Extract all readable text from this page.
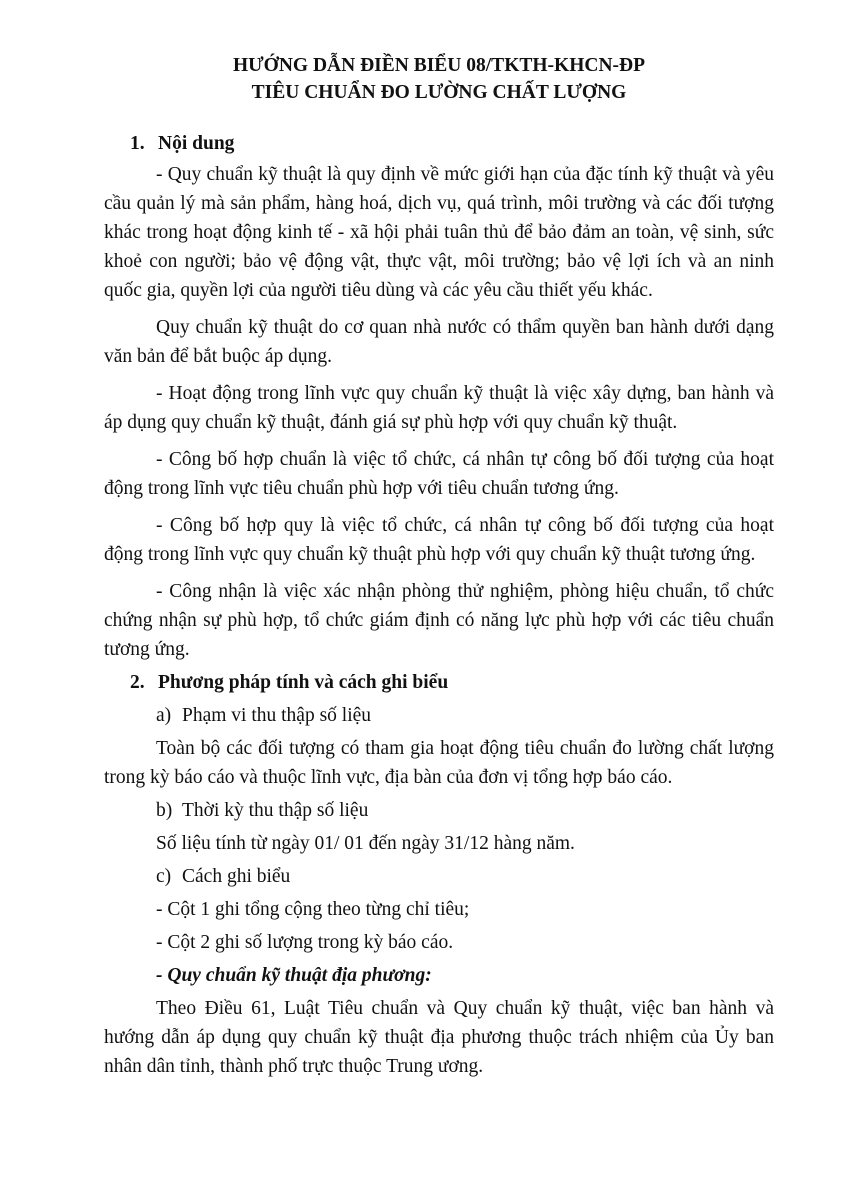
HƯỚNG DẪN ĐIỀN BIỂU 08/TKTH-KHCN-ĐP

TIÊU CHUẨN ĐO LƯỜNG CHẤT LƯỢNG

1. Nội dung

- Quy chuẩn kỹ thuật là quy định về mức giới hạn của đặc tính kỹ thuật và yêu cầu quản lý mà sản phẩm, hàng hoá, dịch vụ, quá trình, môi trường và các đối tượng khác trong hoạt động kinh tế - xã hội phải tuân thủ để bảo đảm an toàn, vệ sinh, sức khoẻ con người; bảo vệ động vật, thực vật, môi trường; bảo vệ lợi ích và an ninh quốc gia, quyền lợi của người tiêu dùng và các yêu cầu thiết yếu khác.

Quy chuẩn kỹ thuật do cơ quan nhà nước có thẩm quyền ban hành dưới dạng văn bản để bắt buộc áp dụng.

- Hoạt động trong lĩnh vực quy chuẩn kỹ thuật là việc xây dựng, ban hành và áp dụng quy chuẩn kỹ thuật, đánh giá sự phù hợp với quy chuẩn kỹ thuật.

- Công bố hợp chuẩn là việc tổ chức, cá nhân tự công bố đối tượng của hoạt động trong lĩnh vực tiêu chuẩn phù hợp với tiêu chuẩn tương ứng.

- Công bố hợp quy là việc tổ chức, cá nhân tự công bố đối tượng của hoạt động trong lĩnh vực quy chuẩn kỹ thuật phù hợp với quy chuẩn kỹ thuật tương ứng.

- Công nhận là việc xác nhận phòng thử nghiệm, phòng hiệu chuẩn, tổ chức chứng nhận sự phù hợp, tổ chức giám định có năng lực phù hợp với các tiêu chuẩn tương ứng.

2. Phương pháp tính và cách ghi biểu

a) Phạm vi thu thập số liệu

Toàn bộ các đối tượng có tham gia hoạt động tiêu chuẩn đo lường chất lượng trong kỳ báo cáo và thuộc lĩnh vực, địa bàn của đơn vị tổng hợp báo cáo.

b) Thời kỳ thu thập số liệu

Số liệu tính từ ngày 01/ 01 đến ngày 31/12 hàng năm.

c) Cách ghi biểu

- Cột 1 ghi tổng cộng theo từng chỉ tiêu;

- Cột 2 ghi số lượng trong kỳ báo cáo.

- Quy chuẩn kỹ thuật địa phương:

Theo Điều 61, Luật Tiêu chuẩn và Quy chuẩn kỹ thuật, việc ban hành và hướng dẫn áp dụng quy chuẩn kỹ thuật địa phương thuộc trách nhiệm của Ủy ban nhân dân tỉnh, thành phố trực thuộc Trung ương.
